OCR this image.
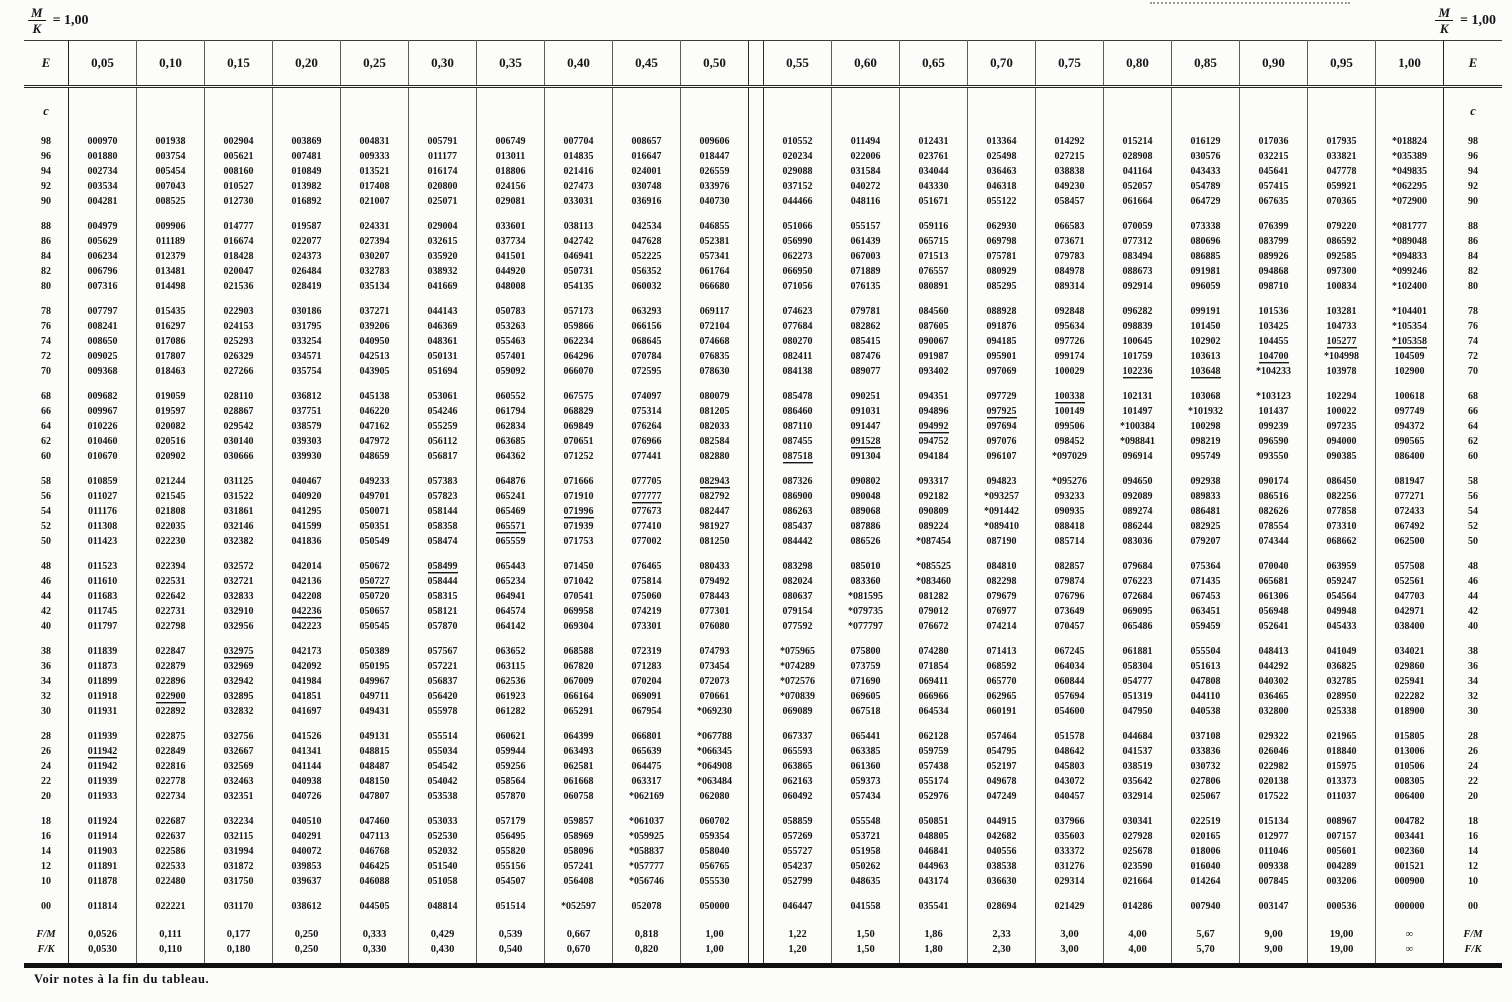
$\frac{M}{K} = 1,00$	$\frac{M}{K} = 1,00$
E	0,05	0,10	0,15	0,20	0,25	0,30	0,35	0,40	0,45	0,50		0,55	0,60	0,65	0,70	0,75	0,80	0,85	0,90	0,95	1,00	E
c																						c
98	000970	001938	002904	003869	004831	005791	006749	007704	008657	009606		010552	011494	012431	013364	014292	015214	016129	017036	017935	*018824	98
96	001880	003754	005621	007481	009333	011177	013011	014835	016647	018447		020234	022006	023761	025498	027215	028908	030576	032215	033821	*035389	96
94	002734	005454	008160	010849	013521	016174	018806	021416	024001	026559		029088	031584	034044	036463	038838	041164	043433	045641	047778	*049835	94
92	003534	007043	010527	013982	017408	020800	024156	027473	030748	033976		037152	040272	043330	046318	049230	052057	054789	057415	059921	*062295	92
90	004281	008525	012730	016892	021007	025071	029081	033031	036916	040730		044466	048116	051671	055122	058457	061664	064729	067635	070365	*072900	90
88	004979	009906	014777	019587	024331	029004	033601	038113	042534	046855		051066	055157	059116	062930	066583	070059	073338	076399	079220	*081777	88
86	005629	011189	016674	022077	027394	032615	037734	042742	047628	052381		056990	061439	065715	069798	073671	077312	080696	083799	086592	*089048	86
84	006234	012379	018428	024373	030207	035920	041501	046941	052225	057341		062273	067003	071513	075781	079783	083494	086885	089926	092585	*094833	84
82	006796	013481	020047	026484	032783	038932	044920	050731	056352	061764		066950	071889	076557	080929	084978	088673	091981	094868	097300	*099246	82
80	007316	014498	021536	028419	035134	041669	048008	054135	060032	066680		071056	076135	080891	085295	089314	092914	096059	098710	100834	*102400	80
78	007797	015435	022903	030186	037271	044143	050783	057173	063293	069117		074623	079781	084560	088928	092848	096282	099191	101536	103281	*104401	78
76	008241	016297	024153	031795	039206	046369	053263	059866	066156	072104		077684	082862	087605	091876	095634	098839	101450	103425	104733	*105354	76
74	008650	017086	025293	033254	040950	048361	055463	062234	068645	074668		080270	085415	090067	094185	097726	100645	102902	104455	105277	*105358	74
72	009025	017807	026329	034571	042513	050131	057401	064296	070784	076835		082411	087476	091987	095901	099174	101759	103613	104700	*104998	104509	72
70	009368	018463	027266	035754	043905	051694	059092	066070	072595	078630		084138	089077	093402	097069	100029	102236	103648	*104233	103978	102900	70
68	009682	019059	028110	036812	045138	053061	060552	067575	074097	080079		085478	090251	094351	097729	100338	102131	103068	*103123	102294	100618	68
66	009967	019597	028867	037751	046220	054246	061794	068829	075314	081205		086460	091031	094896	097925	100149	101497	*101932	101437	100022	097749	66
64	010226	020082	029542	038579	047162	055259	062834	069849	076264	082033		087110	091447	094992	097694	099506	*100384	100298	099239	097235	094372	64
62	010460	020516	030140	039303	047972	056112	063685	070651	076966	082584		087455	091528	094752	097076	098452	*098841	098219	096590	094000	090565	62
60	010670	020902	030666	039930	048659	056817	064362	071252	077441	082880		087518	091304	094184	096107	*097029	096914	095749	093550	090385	086400	60
58	010859	021244	031125	040467	049233	057383	064876	071666	077705	082943		087326	090802	093317	094823	*095276	094650	092938	090174	086450	081947	58
56	011027	021545	031522	040920	049701	057823	065241	071910	077777	082792		086900	090048	092182	*093257	093233	092089	089833	086516	082256	077271	56
54	011176	021808	031861	041295	050071	058144	065469	071996	077673	082447		086263	089068	090809	*091442	090935	089274	086481	082626	077858	072433	54
52	011308	022035	032146	041599	050351	058358	065571	071939	077410	981927		085437	087886	089224	*089410	088418	086244	082925	078554	073310	067492	52
50	011423	022230	032382	041836	050549	058474	065559	071753	077002	081250		084442	086526	*087454	087190	085714	083036	079207	074344	068662	062500	50
48	011523	022394	032572	042014	050672	058499	065443	071450	076465	080433		083298	085010	*085525	084810	082857	079684	075364	070040	063959	057508	48
46	011610	022531	032721	042136	050727	058444	065234	071042	075814	079492		082024	083360	*083460	082298	079874	076223	071435	065681	059247	052561	46
44	011683	022642	032833	042208	050720	058315	064941	070541	075060	078443		080637	*081595	081282	079679	076796	072684	067453	061306	054564	047703	44
42	011745	022731	032910	042236	050657	058121	064574	069958	074219	077301		079154	*079735	079012	076977	073649	069095	063451	056948	049948	042971	42
40	011797	022798	032956	042223	050545	057870	064142	069304	073301	076080		077592	*077797	076672	074214	070457	065486	059459	052641	045433	038400	40
38	011839	022847	032975	042173	050389	057567	063652	068588	072319	074793		*075965	075800	074280	071413	067245	061881	055504	048413	041049	034021	38
36	011873	022879	032969	042092	050195	057221	063115	067820	071283	073454		*074289	073759	071854	068592	064034	058304	051613	044292	036825	029860	36
34	011899	022896	032942	041984	049967	056837	062536	067009	070204	072073		*072576	071690	069411	065770	060844	054777	047808	040302	032785	025941	34
32	011918	022900	032895	041851	049711	056420	061923	066164	069091	070661		*070839	069605	066966	062965	057694	051319	044110	036465	028950	022282	32
30	011931	022892	032832	041697	049431	055978	061282	065291	067954	*069230		069089	067518	064534	060191	054600	047950	040538	032800	025338	018900	30
28	011939	022875	032756	041526	049131	055514	060621	064399	066801	*067788		067337	065441	062128	057464	051578	044684	037108	029322	021965	015805	28
26	011942	022849	032667	041341	048815	055034	059944	063493	065639	*066345		065593	063385	059759	054795	048642	041537	033836	026046	018840	013006	26
24	011942	022816	032569	041144	048487	054542	059256	062581	064475	*064908		063865	061360	057438	052197	045803	038519	030732	022982	015975	010506	24
22	011939	022778	032463	040938	048150	054042	058564	061668	063317	*063484		062163	059373	055174	049678	043072	035642	027806	020138	013373	008305	22
20	011933	022734	032351	040726	047807	053538	057870	060758	*062169	062080		060492	057434	052976	047249	040457	032914	025067	017522	011037	006400	20
18	011924	022687	032234	040510	047460	053033	057179	059857	*061037	060702		058859	055548	050851	044915	037966	030341	022519	015134	008967	004782	18
16	011914	022637	032115	040291	047113	052530	056495	058969	*059925	059354		057269	053721	048805	042682	035603	027928	020165	012977	007157	003441	16
14	011903	022586	031994	040072	046768	052032	055820	058096	*058837	058040		055727	051958	046841	040556	033372	025678	018006	011046	005601	002360	14
12	011891	022533	031872	039853	046425	051540	055156	057241	*057777	056765		054237	050262	044963	038538	031276	023590	016040	009338	004289	001521	12
10	011878	022480	031750	039637	046088	051058	054507	056408	*056746	055530		052799	048635	043174	036630	029314	021664	014264	007845	003206	000900	10
00	011814	022221	031170	038612	044505	048814	051514	*052597	052078	050000		046447	041558	035541	028694	021429	014286	007940	003147	000536	000000	00
F/M	0,0526	0,111	0,177	0,250	0,333	0,429	0,539	0,667	0,818	1,00		1,22	1,50	1,86	2,33	3,00	4,00	5,67	9,00	19,00	∞	F/M
F/K	0,0530	0,110	0,180	0,250	0,330	0,430	0,540	0,670	0,820	1,00		1,20	1,50	1,80	2,30	3,00	4,00	5,70	9,00	19,00	∞	F/K
Voir notes à la fin du tableau.
